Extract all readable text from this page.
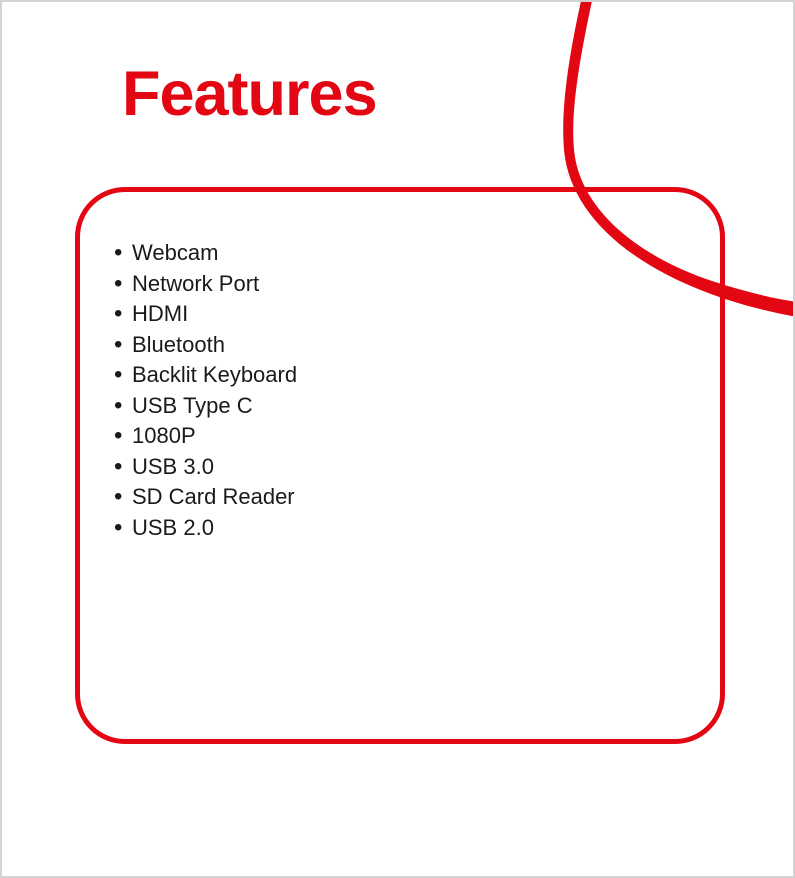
Features
• Webcam
• Network Port
• HDMI
• Bluetooth
• Backlit Keyboard
• USB Type C
• 1080P
• USB 3.0
• SD Card Reader
• USB 2.0
